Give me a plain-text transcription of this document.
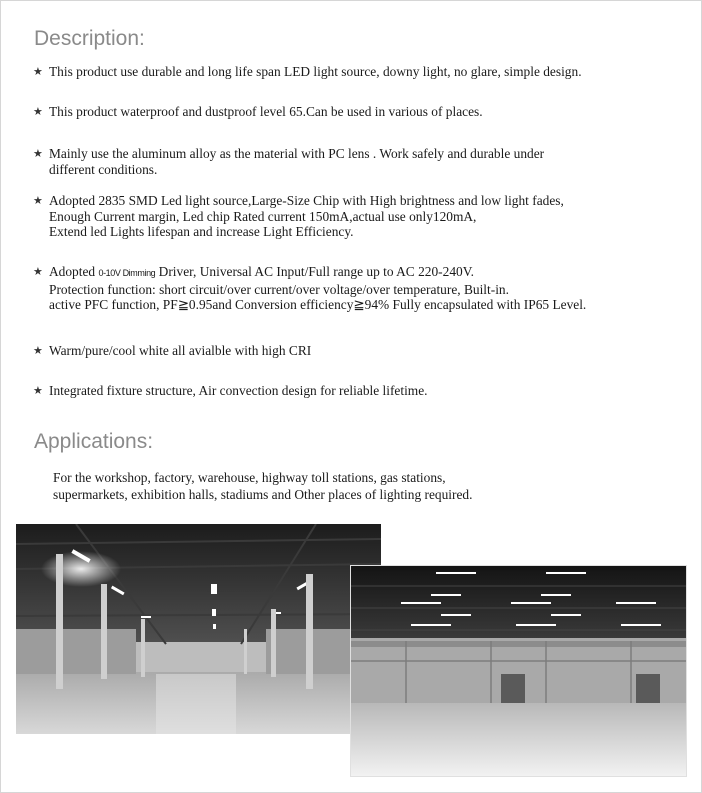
Description:
★ This product use durable and long life span LED light source, downy light, no glare, simple design.
★ This product waterproof and dustproof level 65.Can be used in various of places.
★ Mainly use the aluminum alloy as the material with PC lens . Work safely and durable under
different conditions.
★ Adopted 2835 SMD Led light source,Large-Size Chip with High brightness and low light fades,
Enough Current margin, Led chip Rated current 150mA,actual use only120mA,
Extend led Lights lifespan and increase Light Efficiency.
★ Adopted 0-10V Dimming Driver, Universal AC Input/Full range up to AC 220-240V.
Protection function: short circuit/over current/over voltage/over temperature, Built-in.
active PFC function, PF≧0.95and Conversion efficiency≧94% Fully encapsulated with IP65 Level.
★ Warm/pure/cool white all avialble with high CRI
★ Integrated fixture structure, Air convection design for reliable lifetime.
Applications:
For the workshop, factory, warehouse, highway toll stations, gas stations,
supermarkets, exhibition halls, stadiums and Other places of lighting required.
